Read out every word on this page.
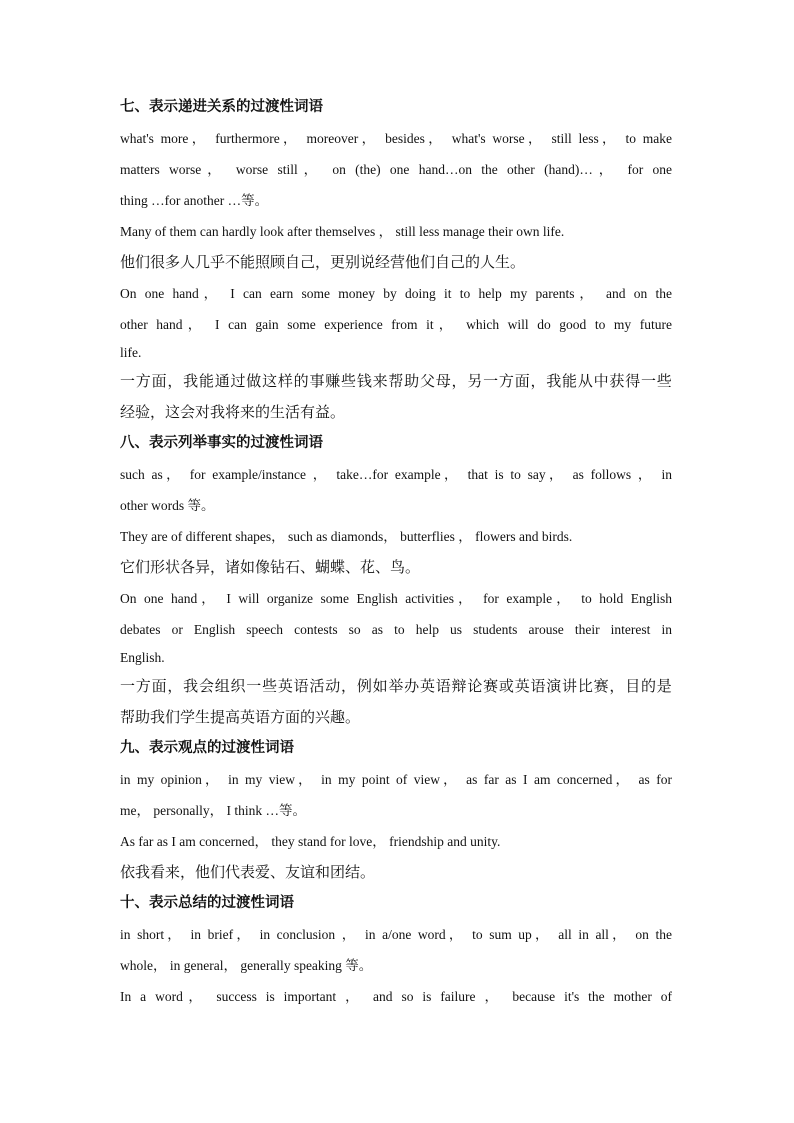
七、表示递进关系的过渡性词语

what's more， furthermore， moreover， besides， what's worse， still less， to make

matters worse， worse still， on (the) one hand…on the other (hand)…， for one

thing …for another …等。

Many of them can hardly look after themselves ， still less manage their own life.

他们很多人几乎不能照顾自己，更别说经营他们自己的人生。

On one hand， I can earn some money by doing it to help my parents， and on the

other hand， I can gain some experience from it， which will do good to my future

life.

一方面，我能通过做这样的事赚些钱来帮助父母，另一方面，我能从中获得一些

经验，这会对我将来的生活有益。

八、表示列举事实的过渡性词语

such as， for example/instance ， take…for example， that is to say， as follows ， in

other words 等。

They are of different shapes， such as diamonds， butterflies ， flowers and birds.

它们形状各异，诸如像钻石、蝴蝶、花、鸟。

On one hand， I will organize some English activities， for example， to hold English

debates or English speech contests so as to help us students arouse their interest in

English.

一方面，我会组织一些英语活动，例如举办英语辩论赛或英语演讲比赛，目的是

帮助我们学生提高英语方面的兴趣。

九、表示观点的过渡性词语

in my opinion， in my view， in my point of view， as far as I am concerned， as for

me， personally， I think …等。

As far as I am concerned， they stand for love， friendship and unity.

依我看来，他们代表爱、友谊和团结。

十、表示总结的过渡性词语

in short， in brief， in conclusion ， in a/one word， to sum up， all in all， on the

whole， in general， generally speaking 等。

In a word， success is important ， and so is failure ， because it's the mother of
